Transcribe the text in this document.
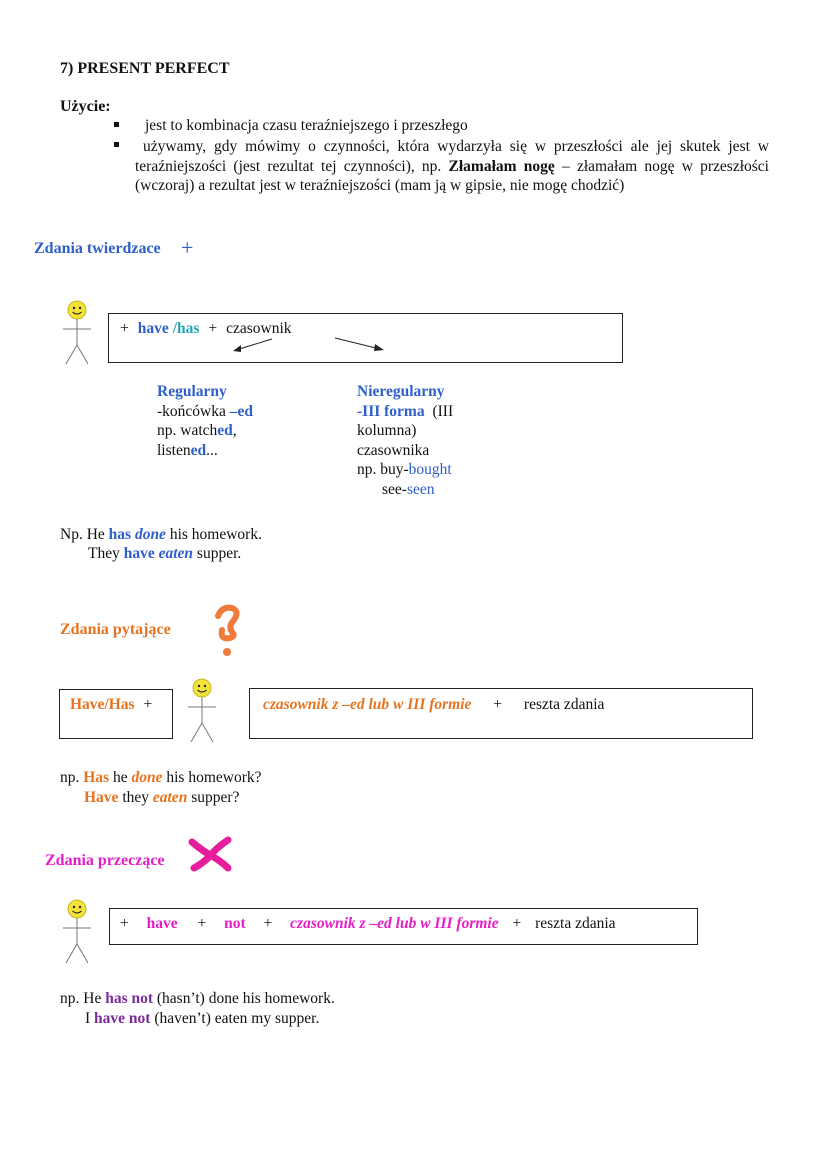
7) PRESENT PERFECT
Użycie:
jest to kombinacja czasu teraźniejszego i przeszłego
używamy, gdy mówimy o czynności, która wydarzyła się w przeszłości ale jej skutek jest w teraźniejszości (jest rezultat tej czynności), np. Złamałam nogę – złamałam nogę w przeszłości (wczoraj) a rezultat jest w teraźniejszości (mam ją w gipsie, nie mogę chodzić)
Zdania twierdzace +
+ have /has + czasownik
Regularny
-końcówka –ed
np. watched,
listened...
Nieregularny
-III forma (III
kolumna)
czasownika
np. buy-bought
see-seen
Np. He has done his homework.
They have eaten supper.
Zdania pytające
Have/Has +	czasownik z –ed lub w III formie + reszta zdania
np. Has he done his homework?
Have they eaten supper?
Zdania przeczące
+ have + not + czasownik z –ed lub w III formie + reszta zdania
np. He has not (hasn’t) done his homework.
I have not (haven’t) eaten my supper.
